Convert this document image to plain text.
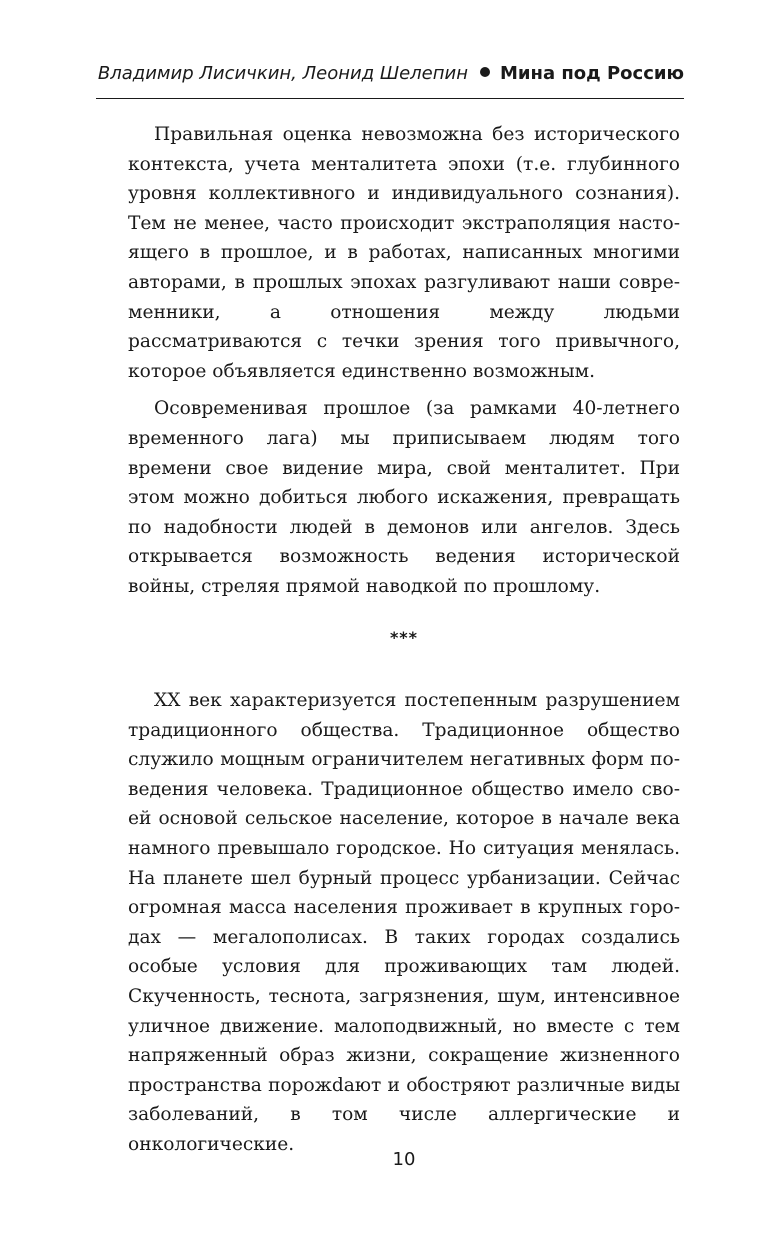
Владимир Лисичкин, Леонид Шелепин Мина под Россию

Правильная оценка невозможна без исторического контекста, учета менталитета эпохи (т.е. глубинного уровня коллективного и индивидуального сознания). Тем не менее, часто происходит экстраполяция настоящего в прошлое, и в работах, написанных многими авторами, в прошлых эпохах разгуливают наши современники, а отношения между людьми рассматриваются с течки зрения того привычного, которое объявляется единственно возможным.

Осовременивая прошлое (за рамками 40-летнего временного лага) мы приписываем людям того времени свое видение мира, свой менталитет. При этом можно добиться любого искажения, превращать по надобности людей в демонов или ангелов. Здесь открывается возможность ведения исторической войны, стреляя прямой наводкой по прошлому.

***

XX век характеризуется постепенным разрушением традиционного общества. Традиционное общество служило мощным ограничителем негативных форм поведения человека. Традиционное общество имело своей основой сельское население, которое в начале века намного превышало городское. Но ситуация менялась. На планете шел бурный процесс урбанизации. Сейчас огромная масса населения проживает в крупных городах — мегалополисах. В таких городах создались особые условия для проживающих там людей. Скученность, теснота, загрязнения, шум, интенсивное уличное движение. малоподвижный, но вместе с тем напряженный образ жизни, сокращение жизненного пространства порожdают и обостряют различные виды заболеваний, в том числе аллергические и онкологические.

10
